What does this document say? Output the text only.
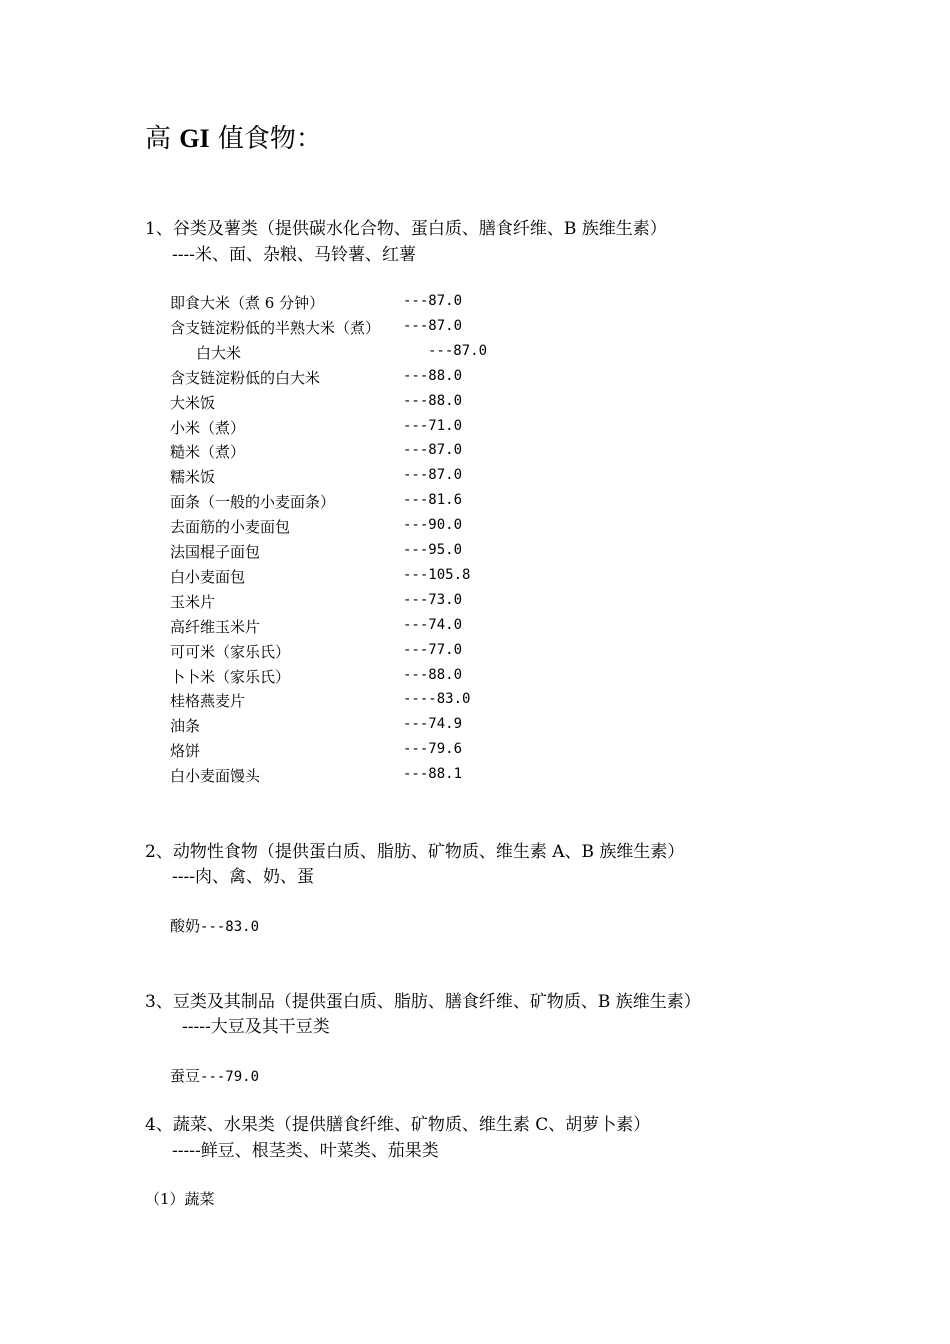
高 GI 值食物：
1、谷类及薯类（提供碳水化合物、蛋白质、膳食纤维、B 族维生素）
----米、面、杂粮、马铃薯、红薯
即食大米（煮 6 分钟）	---87.0
含支链淀粉低的半熟大米（煮） ---87.0
白大米	---87.0
含支链淀粉低的白大米	---88.0
大米饭	---88.0
小米（煮）	---71.0
糙米（煮）	---87.0
糯米饭	---87.0
面条（一般的小麦面条）	---81.6
去面筋的小麦面包	---90.0
法国棍子面包	---95.0
白小麦面包	---105.8
玉米片	---73.0
高纤维玉米片	---74.0
可可米（家乐氏）	---77.0
卜卜米（家乐氏）	---88.0
桂格燕麦片	----83.0
油条	---74.9
烙饼	---79.6
白小麦面馒头	---88.1
2、动物性食物（提供蛋白质、脂肪、矿物质、维生素 A、B 族维生素）
----肉、禽、奶、蛋
酸奶---83.0
3、豆类及其制品（提供蛋白质、脂肪、膳食纤维、矿物质、B 族维生素）
-----大豆及其干豆类
蚕豆---79.0
4、蔬菜、水果类（提供膳食纤维、矿物质、维生素 C、胡萝卜素）
-----鲜豆、根茎类、叶菜类、茄果类
（1）蔬菜
